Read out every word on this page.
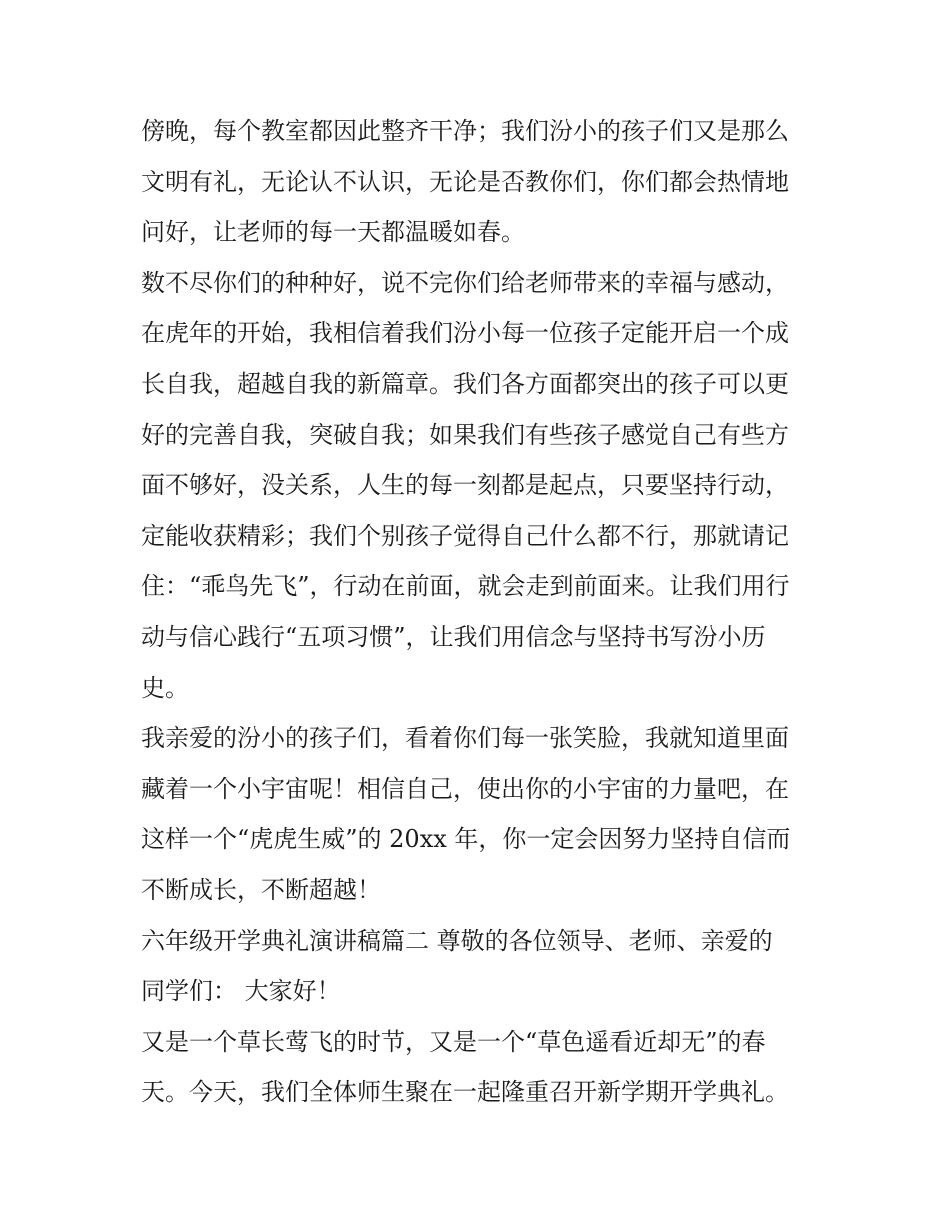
傍晚，每个教室都因此整齐干净；我们汾小的孩子们又是那么
文明有礼，无论认不认识，无论是否教你们，你们都会热情地
问好，让老师的每一天都温暖如春。
数不尽你们的种种好，说不完你们给老师带来的幸福与感动，
在虎年的开始，我相信着我们汾小每一位孩子定能开启一个成
长自我，超越自我的新篇章。我们各方面都突出的孩子可以更
好的完善自我，突破自我；如果我们有些孩子感觉自己有些方
面不够好，没关系，人生的每一刻都是起点，只要坚持行动，
定能收获精彩；我们个别孩子觉得自己什么都不行，那就请记
住：“乖鸟先飞”，行动在前面，就会走到前面来。让我们用行
动与信心践行“五项习惯”，让我们用信念与坚持书写汾小历
史。
我亲爱的汾小的孩子们，看着你们每一张笑脸，我就知道里面
藏着一个小宇宙呢！相信自己，使出你的小宇宙的力量吧，在
这样一个“虎虎生威”的 20xx 年，你一定会因努力坚持自信而
不断成长，不断超越！
六年级开学典礼演讲稿篇二 尊敬的各位领导、老师、亲爱的
同学们： 大家好！
又是一个草长莺飞的时节，又是一个“草色遥看近却无”的春
天。今天，我们全体师生聚在一起隆重召开新学期开学典礼。
